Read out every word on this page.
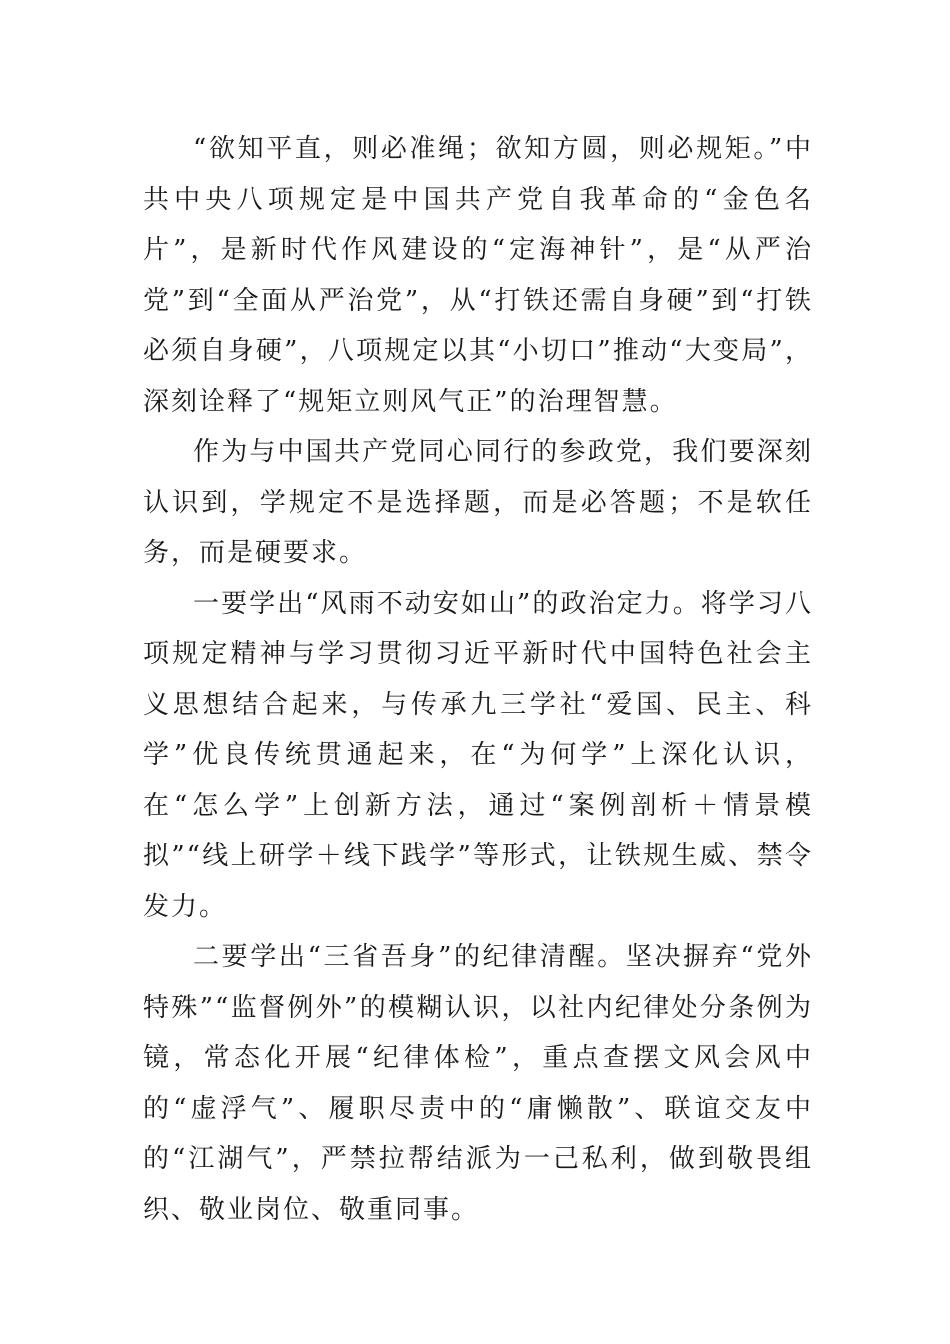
“欲知平直，则必准绳；欲知方圆，则必规矩。”中共中央八项规定是中国共产党自我革命的“金色名片”，是新时代作风建设的“定海神针”，是“从严治党”到“全面从严治党”，从“打铁还需自身硬”到“打铁必须自身硬”，八项规定以其“小切口”推动“大变局”，深刻诠释了“规矩立则风气正”的治理智慧。

作为与中国共产党同心同行的参政党，我们要深刻认识到，学规定不是选择题，而是必答题；不是软任务，而是硬要求。

一要学出“风雨不动安如山”的政治定力。将学习八项规定精神与学习贯彻习近平新时代中国特色社会主义思想结合起来，与传承九三学社“爱国、民主、科学”优良传统贯通起来，在“为何学”上深化认识，在“怎么学”上创新方法，通过“案例剖析＋情景模拟”“线上研学＋线下践学”等形式，让铁规生威、禁令发力。

二要学出“三省吾身”的纪律清醒。坚决摒弃“党外特殊”“监督例外”的模糊认识，以社内纪律处分条例为镜，常态化开展“纪律体检”，重点查摆文风会风中的“虚浮气”、履职尽责中的“庸懒散”、联谊交友中的“江湖气”，严禁拉帮结派为一己私利，做到敬畏组织、敬业岗位、敬重同事。
